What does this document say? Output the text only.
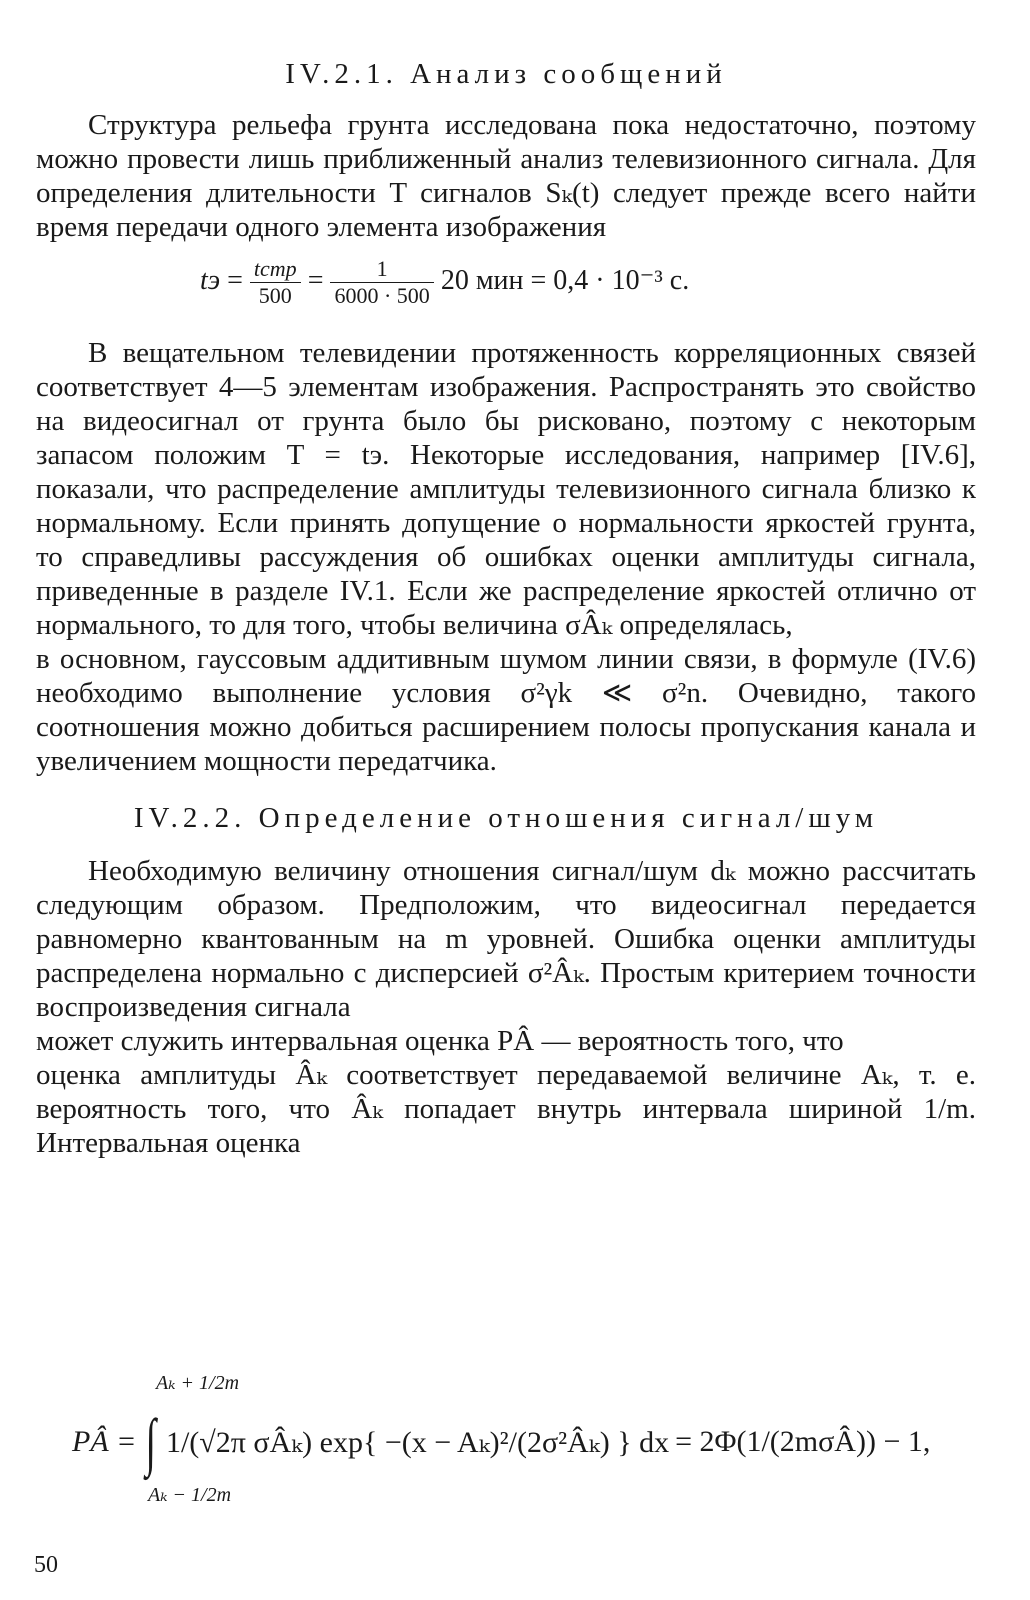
IV.2.1. Анализ сообщений

Структура рельефа грунта исследована пока недостаточно, поэтому можно провести лишь приближенный анализ телевизионного сигнала. Для определения длительности T сигналов Sₖ(t) следует прежде всего найти время передачи одного элемента изображения

tэ = $\frac{\text{tстр}}{500} = \frac{1}{6000 \cdot 500} 20$ мин = 0,4 · 10⁻³ с.

В вещательном телевидении протяженность корреляционных связей соответствует 4—5 элементам изображения. Распространять это свойство на видеосигнал от грунта было бы рисковано, поэтому с некоторым запасом положим T = tэ. Некоторые исследования, например [IV.6], показали, что распределение амплитуды телевизионного сигнала близко к нормальному. Если принять допущение о нормальности яркостей грунта, то справедливы рассуждения об ошибках оценки амплитуды сигнала, приведенные в разделе IV.1. Если же распределение яркостей отлично от нормального, то для того, чтобы величина σÂₖ определялась,

в основном, гауссовым аддитивным шумом линии связи, в формуле (IV.6) необходимо выполнение условия σ²γk ≪ σ²n. Очевидно, такого соотношения можно добиться расширением полосы пропускания канала и увеличением мощности передатчика.

IV.2.2. Определение отношения сигнал/шум

Необходимую величину отношения сигнал/шум dₖ можно рассчитать следующим образом. Предположим, что видеосигнал передается равномерно квантованным на m уровней. Ошибка оценки амплитуды распределена нормально с дисперсией σ²Âₖ. Простым критерием точности воспроизведения сигнала

может служить интервальная оценка PÂ — вероятность того, что

оценка амплитуды Âₖ соответствует передаваемой величине Aₖ, т. е. вероятность того, что Âₖ попадает внутрь интервала шириной 1/m. Интервальная оценка

Aₖ + 1/2m
Aₖ − 1/2m
PÂ = ∫ 1/(√2π σÂₖ) exp{ −(x − Aₖ)²/(2σ²Âₖ) } dx = 2Φ(1/(2mσÂ)) − 1,
50
